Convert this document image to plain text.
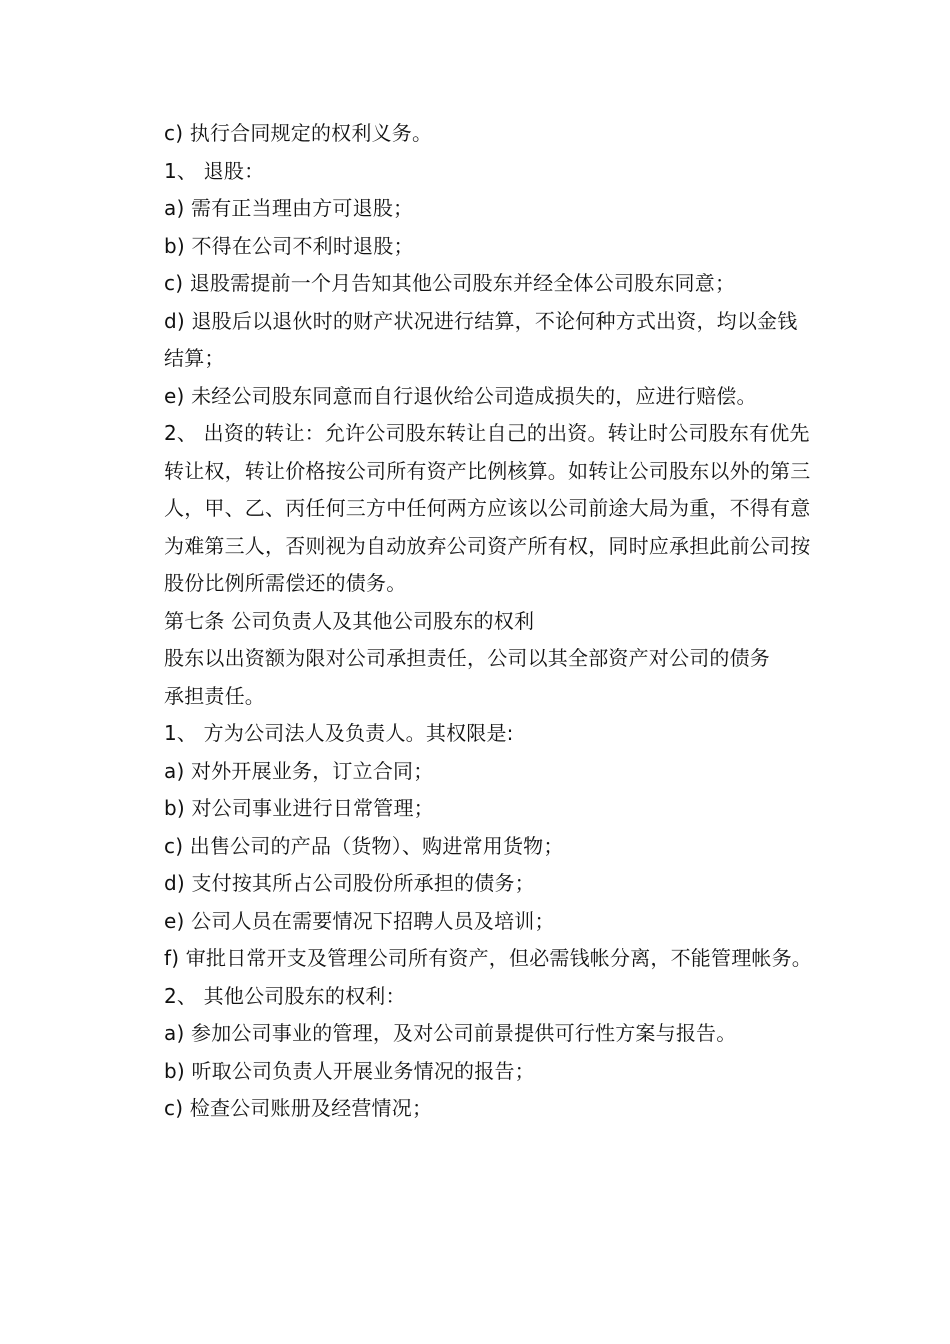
c) 执行合同规定的权利义务。

1、 退股：

a) 需有正当理由方可退股；

b) 不得在公司不利时退股；

c) 退股需提前一个月告知其他公司股东并经全体公司股东同意；

d) 退股后以退伙时的财产状况进行结算，不论何种方式出资，均以金钱结算；

e) 未经公司股东同意而自行退伙给公司造成损失的，应进行赔偿。

2、 出资的转让：允许公司股东转让自己的出资。转让时公司股东有优先转让权，转让价格按公司所有资产比例核算。如转让公司股东以外的第三人，甲、乙、丙任何三方中任何两方应该以公司前途大局为重，不得有意为难第三人，否则视为自动放弃公司资产所有权，同时应承担此前公司按股份比例所需偿还的债务。

第七条 公司负责人及其他公司股东的权利

股东以出资额为限对公司承担责任，公司以其全部资产对公司的债务

承担责任。

1、 方为公司法人及负责人。其权限是:

a) 对外开展业务，订立合同；

b) 对公司事业进行日常管理；

c) 出售公司的产品（货物）、购进常用货物；

d) 支付按其所占公司股份所承担的债务；

e) 公司人员在需要情况下招聘人员及培训；

f) 审批日常开支及管理公司所有资产，但必需钱帐分离，不能管理帐务。

2、 其他公司股东的权利：

a) 参加公司事业的管理，及对公司前景提供可行性方案与报告。

b) 听取公司负责人开展业务情况的报告；

c) 检查公司账册及经营情况；
